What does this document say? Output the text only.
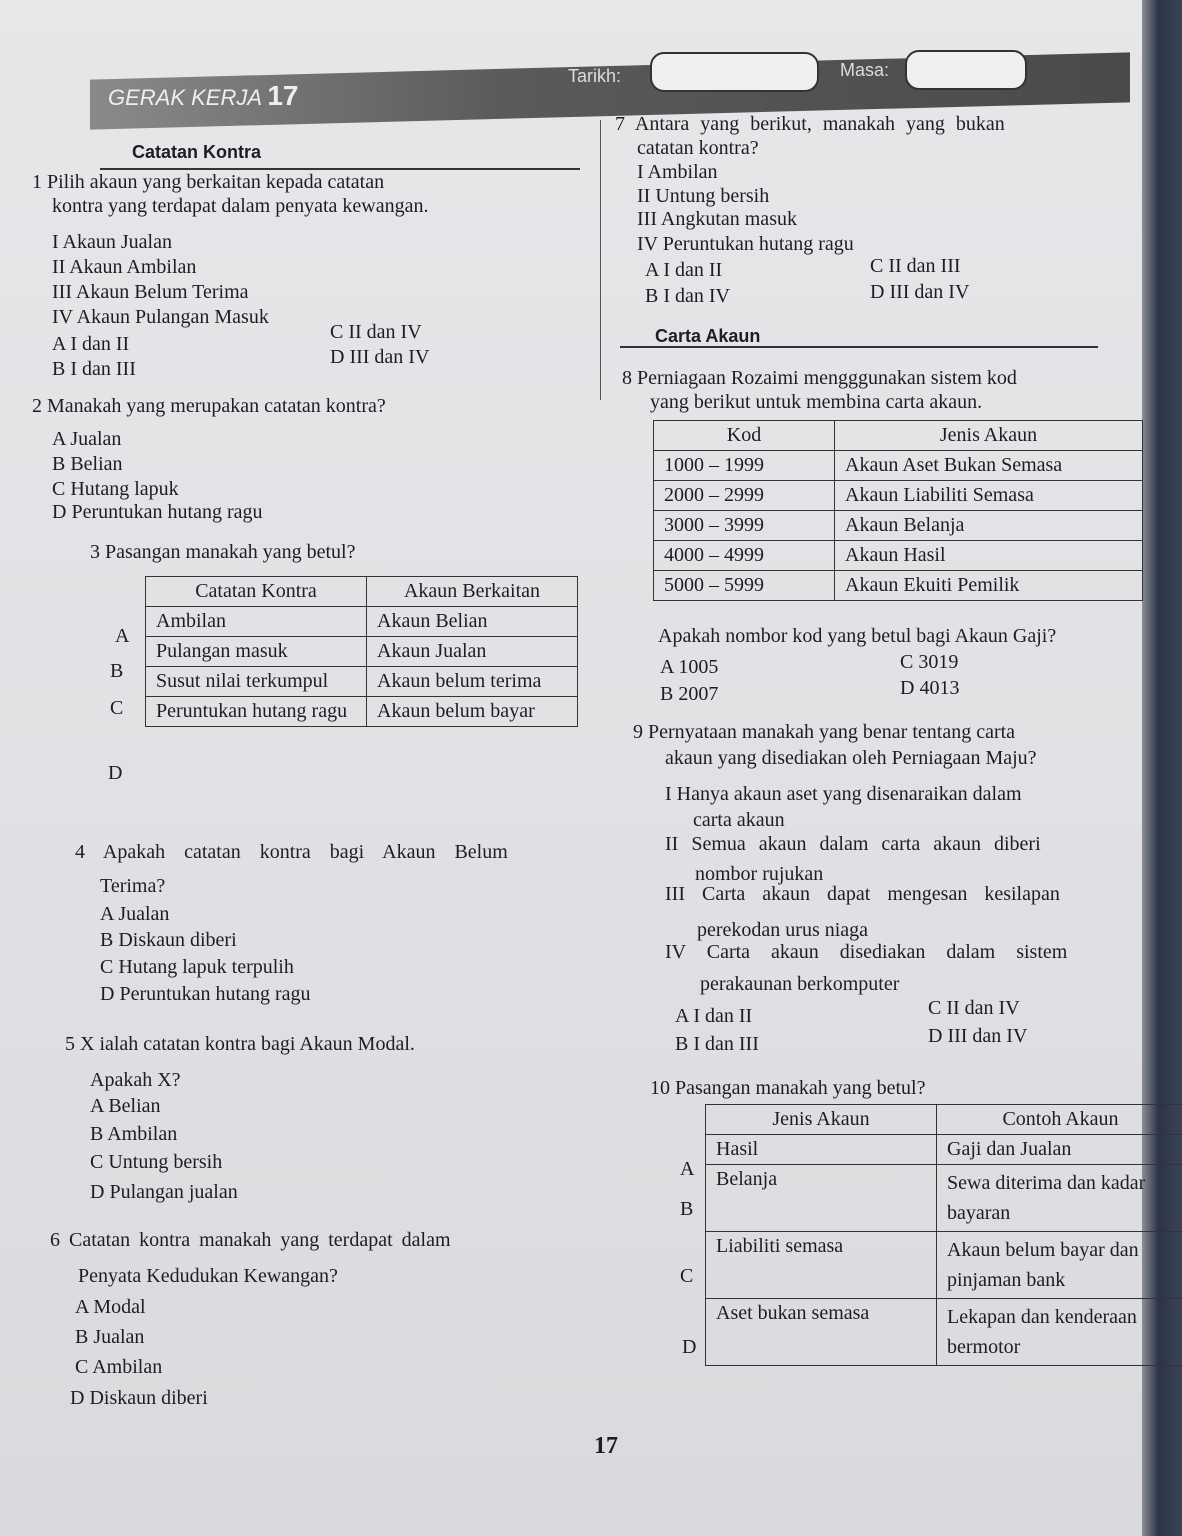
GERAK KERJA 17
Tarikh:	Masa:
Catatan Kontra
1 Pilih akaun yang berkaitan kepada catatan
kontra yang terdapat dalam penyata kewangan.
I Akaun Jualan
II Akaun Ambilan
III Akaun Belum Terima
IV Akaun Pulangan Masuk
A I dan II
C II dan IV
B I dan III
D III dan IV
2 Manakah yang merupakan catatan kontra?
A Jualan
B Belian
C Hutang lapuk
D Peruntukan hutang ragu
3 Pasangan manakah yang betul?
A
B
C
D
Catatan Kontra	Akaun Berkaitan
Ambilan	Akaun Belian
Pulangan masuk	Akaun Jualan
Susut nilai terkumpul	Akaun belum terima
Peruntukan hutang ragu	Akaun belum bayar
4 Apakah catatan kontra bagi Akaun Belum
Terima?
A Jualan
B Diskaun diberi
C Hutang lapuk terpulih
D Peruntukan hutang ragu
5 X ialah catatan kontra bagi Akaun Modal.
Apakah X?
A Belian
B Ambilan
C Untung bersih
D Pulangan jualan
6 Catatan kontra manakah yang terdapat dalam
Penyata Kedudukan Kewangan?
A Modal
B Jualan
C Ambilan
D Diskaun diberi
7 Antara yang berikut, manakah yang bukan
catatan kontra?
I Ambilan
II Untung bersih
III Angkutan masuk
IV Peruntukan hutang ragu
A I dan II	C II dan III
B I dan IV	D III dan IV
Carta Akaun
8 Perniagaan Rozaimi mengggunakan sistem kod
yang berikut untuk membina carta akaun.
Kod	Jenis Akaun
1000 – 1999	Akaun Aset Bukan Semasa
2000 – 2999	Akaun Liabiliti Semasa
3000 – 3999	Akaun Belanja
4000 – 4999	Akaun Hasil
5000 – 5999	Akaun Ekuiti Pemilik
Apakah nombor kod yang betul bagi Akaun Gaji?
A 1005	C 3019
B 2007	D 4013
9 Pernyataan manakah yang benar tentang carta
akaun yang disediakan oleh Perniagaan Maju?
I Hanya akaun aset yang disenaraikan dalam
carta akaun
II Semua akaun dalam carta akaun diberi
nombor rujukan
III Carta akaun dapat mengesan kesilapan
perekodan urus niaga
IV Carta akaun disediakan dalam sistem
perakaunan berkomputer
A I dan II	C II dan IV
B I dan III	D III dan IV
10 Pasangan manakah yang betul?
A
B
C
D
Jenis Akaun	Contoh Akaun
Hasil	Gaji dan Jualan
Belanja	Sewa diterima dan kadar bayaran
Liabiliti semasa	Akaun belum bayar dan pinjaman bank
Aset bukan semasa	Lekapan dan kenderaan bermotor
17
